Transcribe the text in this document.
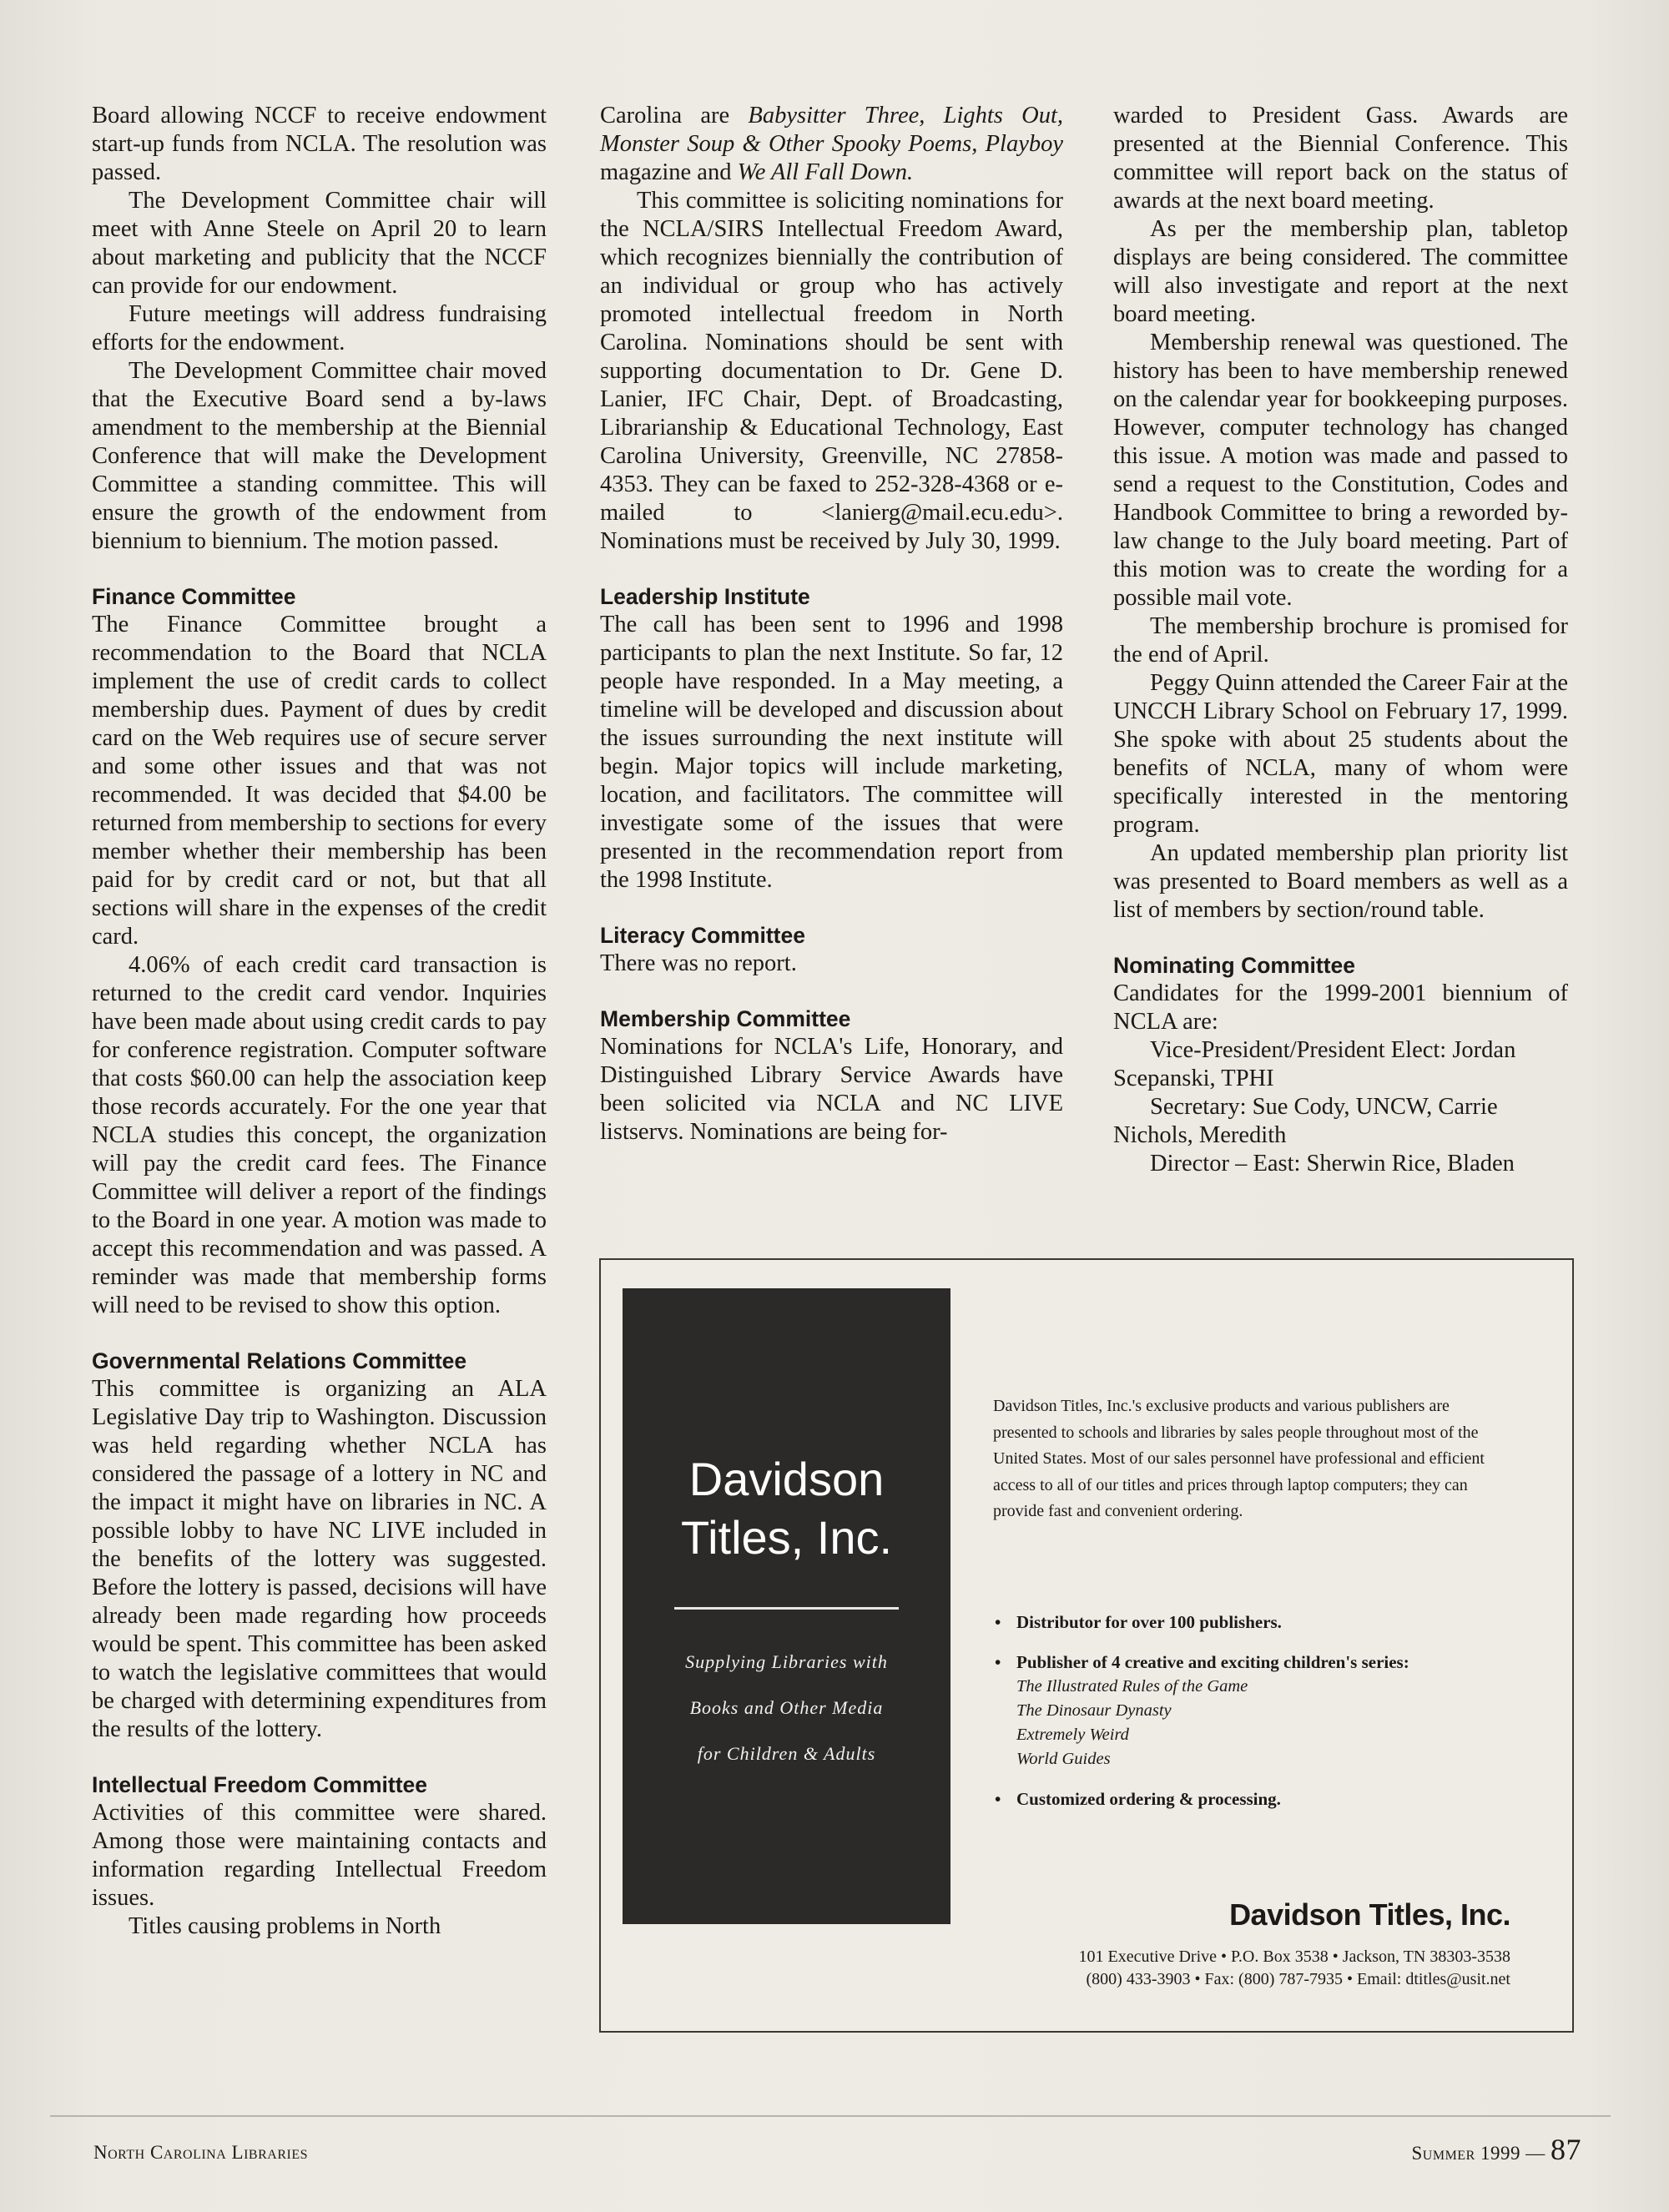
Board allowing NCCF to receive endowment start-up funds from NCLA. The resolution was passed.

The Development Committee chair will meet with Anne Steele on April 20 to learn about marketing and publicity that the NCCF can provide for our endowment.

Future meetings will address fundraising efforts for the endowment.

The Development Committee chair moved that the Executive Board send a by-laws amendment to the membership at the Biennial Conference that will make the Development Committee a standing committee. This will ensure the growth of the endowment from biennium to biennium. The motion passed.

Finance Committee

The Finance Committee brought a recommendation to the Board that NCLA implement the use of credit cards to collect membership dues. Payment of dues by credit card on the Web requires use of secure server and some other issues and that was not recommended. It was decided that $4.00 be returned from membership to sections for every member whether their membership has been paid for by credit card or not, but that all sections will share in the expenses of the credit card.

4.06% of each credit card transaction is returned to the credit card vendor. Inquiries have been made about using credit cards to pay for conference registration. Computer software that costs $60.00 can help the association keep those records accurately. For the one year that NCLA studies this concept, the organization will pay the credit card fees. The Finance Committee will deliver a report of the findings to the Board in one year. A motion was made to accept this recommendation and was passed. A reminder was made that membership forms will need to be revised to show this option.

Governmental Relations Committee

This committee is organizing an ALA Legislative Day trip to Washington. Discussion was held regarding whether NCLA has considered the passage of a lottery in NC and the impact it might have on libraries in NC. A possible lobby to have NC LIVE included in the benefits of the lottery was suggested. Before the lottery is passed, decisions will have already been made regarding how proceeds would be spent. This committee has been asked to watch the legislative committees that would be charged with determining expenditures from the results of the lottery.

Intellectual Freedom Committee

Activities of this committee were shared. Among those were maintaining contacts and information regarding Intellectual Freedom issues.

Titles causing problems in North

Carolina are Babysitter Three, Lights Out, Monster Soup & Other Spooky Poems, Playboy magazine and We All Fall Down.

This committee is soliciting nominations for the NCLA/SIRS Intellectual Freedom Award, which recognizes biennially the contribution of an individual or group who has actively promoted intellectual freedom in North Carolina. Nominations should be sent with supporting documentation to Dr. Gene D. Lanier, IFC Chair, Dept. of Broadcasting, Librarianship & Educational Technology, East Carolina University, Greenville, NC 27858-4353. They can be faxed to 252-328-4368 or e-mailed to <lanierg@mail.ecu.edu>. Nominations must be received by July 30, 1999.

Leadership Institute

The call has been sent to 1996 and 1998 participants to plan the next Institute. So far, 12 people have responded. In a May meeting, a timeline will be developed and discussion about the issues surrounding the next institute will begin. Major topics will include marketing, location, and facilitators. The committee will investigate some of the issues that were presented in the recommendation report from the 1998 Institute.

Literacy Committee

There was no report.

Membership Committee

Nominations for NCLA's Life, Honorary, and Distinguished Library Service Awards have been solicited via NCLA and NC LIVE listservs. Nominations are being for-

warded to President Gass. Awards are presented at the Biennial Conference. This committee will report back on the status of awards at the next board meeting.

As per the membership plan, tabletop displays are being considered. The committee will also investigate and report at the next board meeting.

Membership renewal was questioned. The history has been to have membership renewed on the calendar year for bookkeeping purposes. However, computer technology has changed this issue. A motion was made and passed to send a request to the Constitution, Codes and Handbook Committee to bring a reworded by-law change to the July board meeting. Part of this motion was to create the wording for a possible mail vote.

The membership brochure is promised for the end of April.

Peggy Quinn attended the Career Fair at the UNCCH Library School on February 17, 1999. She spoke with about 25 students about the benefits of NCLA, many of whom were specifically interested in the mentoring program.

An updated membership plan priority list was presented to Board members as well as a list of members by section/round table.

Nominating Committee

Candidates for the 1999-2001 biennium of NCLA are:

Vice-President/President Elect: Jordan Scepanski, TPHI

Secretary: Sue Cody, UNCW, Carrie Nichols, Meredith

Director – East: Sherwin Rice, Bladen

Davidson
Titles, Inc.
Supplying Libraries with
Books and Other Media
for Children & Adults
Davidson Titles, Inc.'s exclusive products and various publishers are presented to schools and libraries by sales people throughout most of the United States. Most of our sales personnel have professional and efficient access to all of our titles and prices through laptop computers; they can provide fast and convenient ordering.
• Distributor for over 100 publishers.
• Publisher of 4 creative and exciting children's series:
The Illustrated Rules of the Game
The Dinosaur Dynasty
Extremely Weird
World Guides
• Customized ordering & processing.
Davidson Titles, Inc.
101 Executive Drive • P.O. Box 3538 • Jackson, TN 38303-3538
(800) 433-3903 • Fax: (800) 787-7935 • Email: dtitles@usit.net
North Carolina Libraries	Summer 1999 — 87
